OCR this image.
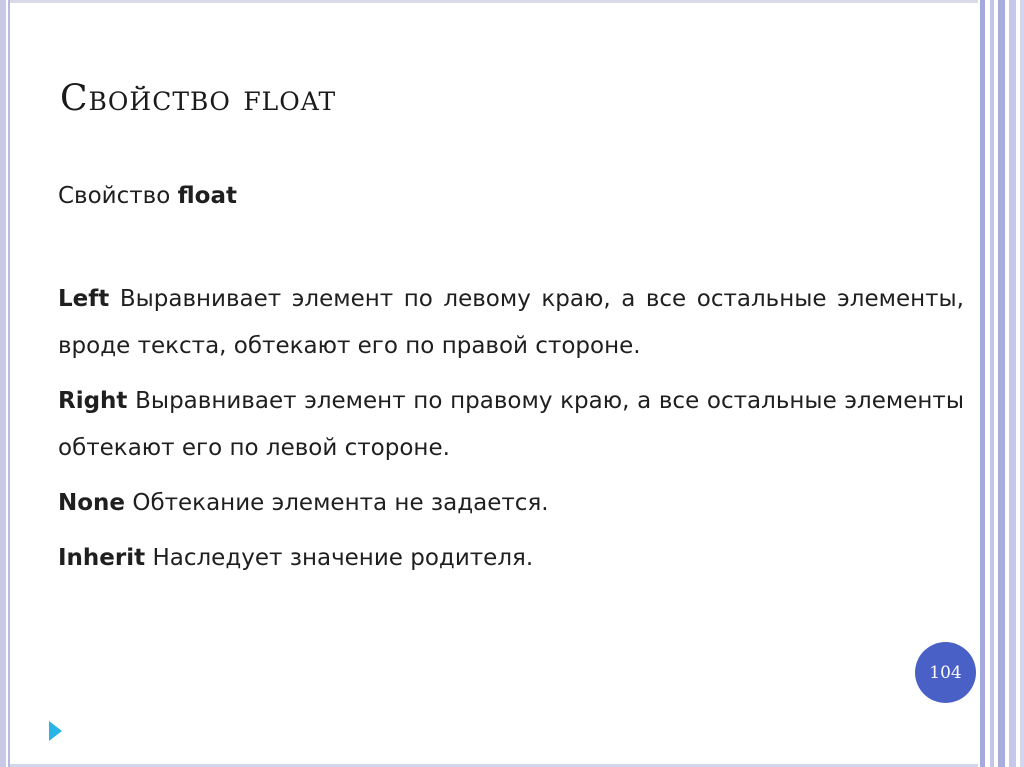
Свойство float

Свойство float

Left Выравнивает элемент по левому краю, а все остальные элементы, вроде текста, обтекают его по правой стороне.

Right Выравнивает элемент по правому краю, а все остальные элементы обтекают его по левой стороне.

None Обтекание элемента не задается.

Inherit Наследует значение родителя.

104
